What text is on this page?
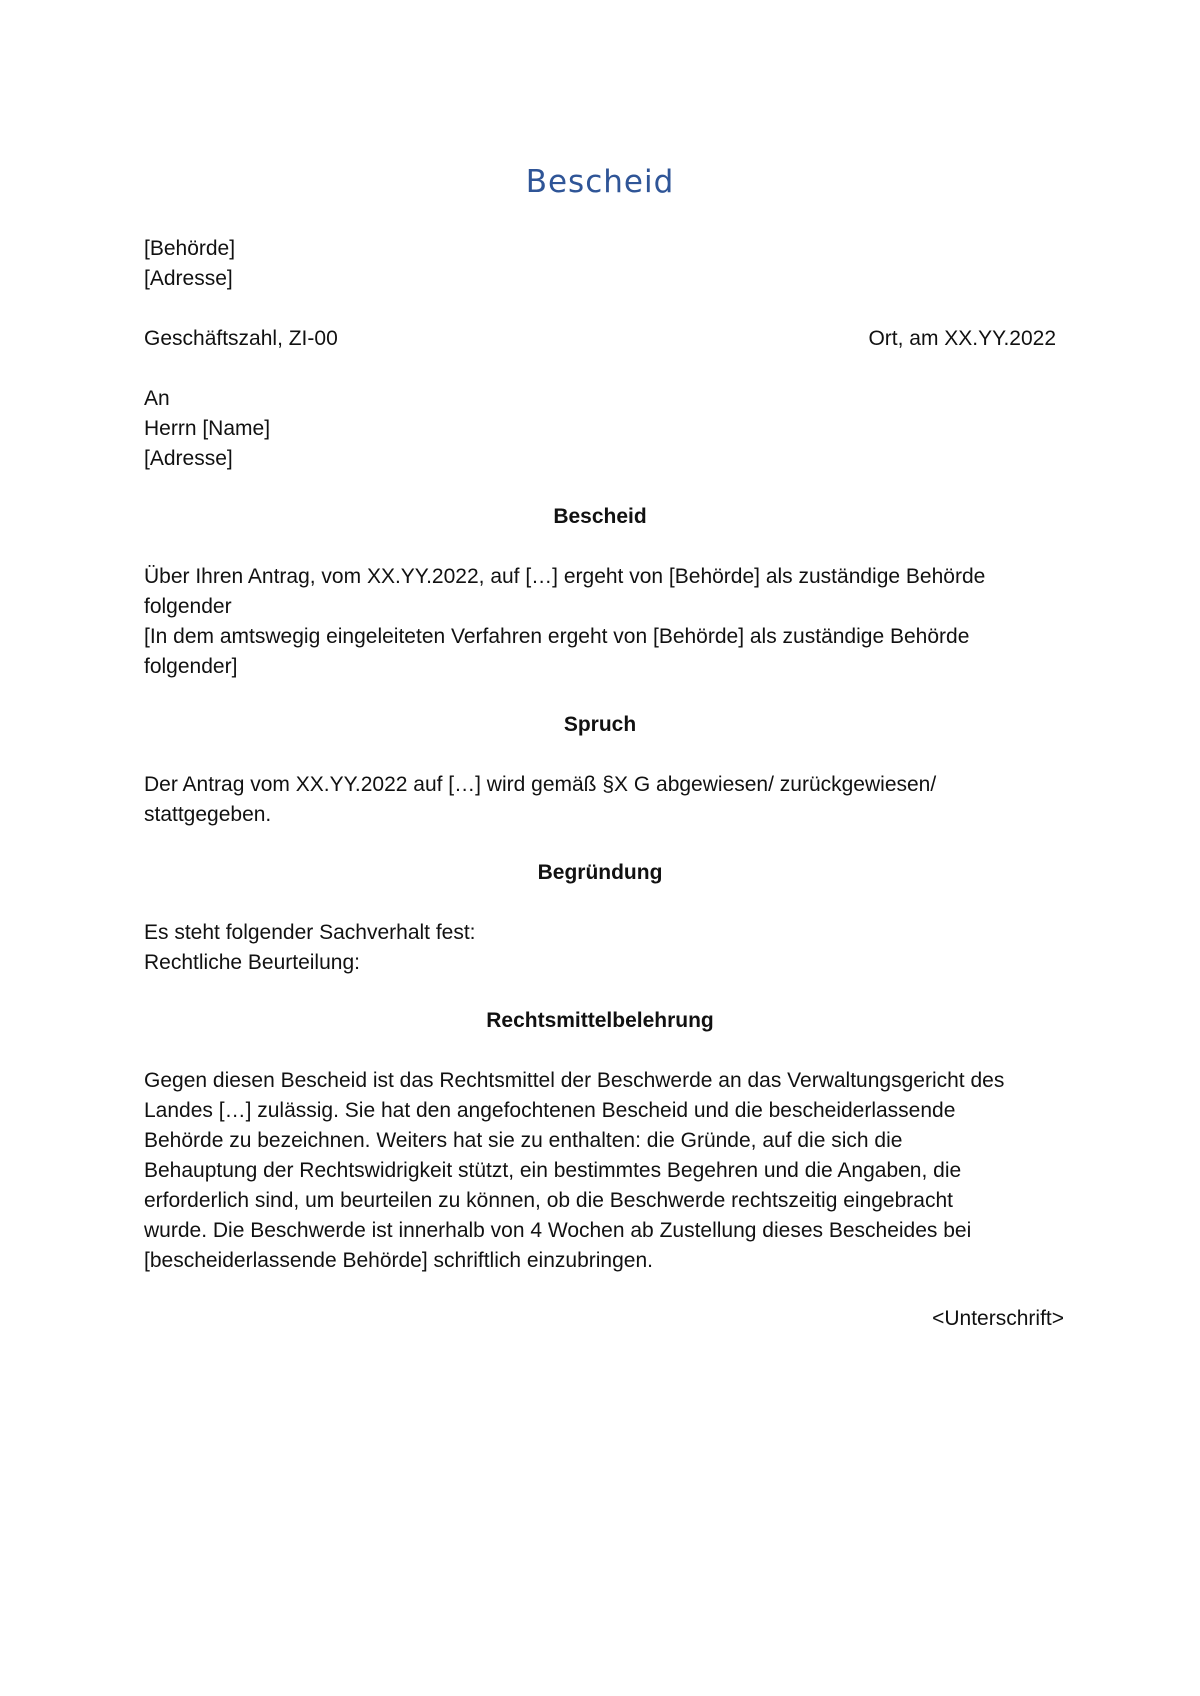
Bescheid
[Behörde]
[Adresse]
Geschäftszahl, ZI-00	Ort, am XX.YY.2022
An
Herrn [Name]
[Adresse]
Bescheid
Über Ihren Antrag, vom XX.YY.2022, auf […] ergeht von [Behörde] als zuständige Behörde
folgender
[In dem amtswegig eingeleiteten Verfahren ergeht von [Behörde] als zuständige Behörde
folgender]
Spruch
Der Antrag vom XX.YY.2022 auf […] wird gemäß §X G abgewiesen/ zurückgewiesen/
stattgegeben.
Begründung
Es steht folgender Sachverhalt fest:
Rechtliche Beurteilung:
Rechtsmittelbelehrung
Gegen diesen Bescheid ist das Rechtsmittel der Beschwerde an das Verwaltungsgericht des
Landes […] zulässig. Sie hat den angefochtenen Bescheid und die bescheiderlassende
Behörde zu bezeichnen. Weiters hat sie zu enthalten: die Gründe, auf die sich die
Behauptung der Rechtswidrigkeit stützt, ein bestimmtes Begehren und die Angaben, die
erforderlich sind, um beurteilen zu können, ob die Beschwerde rechtszeitig eingebracht
wurde. Die Beschwerde ist innerhalb von 4 Wochen ab Zustellung dieses Bescheides bei
[bescheiderlassende Behörde] schriftlich einzubringen.
<Unterschrift>
